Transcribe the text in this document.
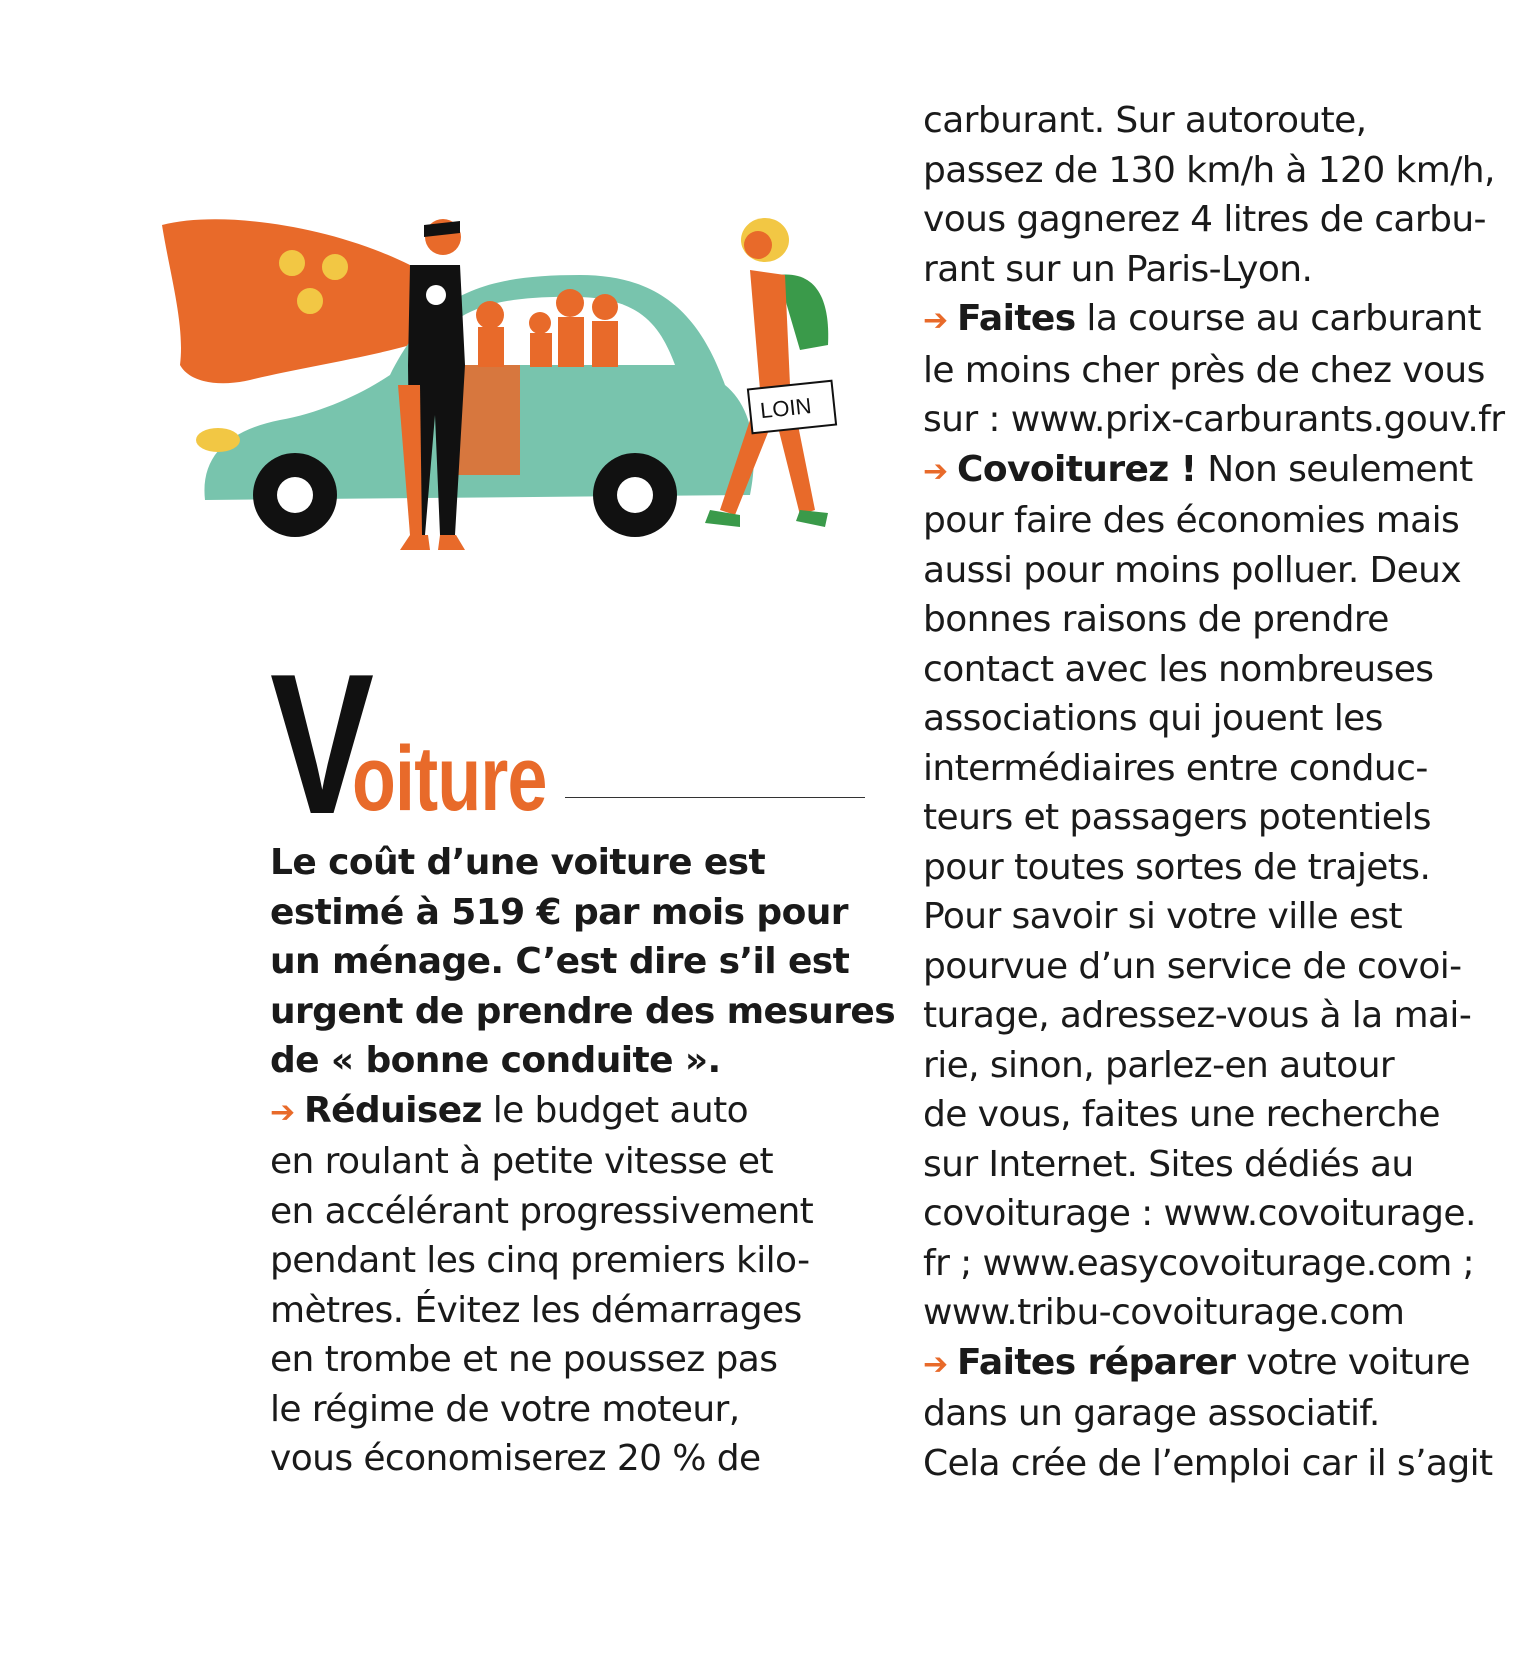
LOIN
V
oiture

Le coût d’une voiture est

estimé à 519 € par mois pour

un ménage. C’est dire s’il est

urgent de prendre des mesures

de « bonne conduite ».

➔ Réduisez le budget auto

en roulant à petite vitesse et

en accélérant progressivement

pendant les cinq premiers kilo-

mètres. Évitez les démarrages

en trombe et ne poussez pas

le régime de votre moteur,

vous économiserez 20 % de

carburant. Sur autoroute,

passez de 130 km/h à 120 km/h,

vous gagnerez 4 litres de carbu-

rant sur un Paris-Lyon.

➔ Faites la course au carburant

le moins cher près de chez vous

sur : www.prix-carburants.gouv.fr

➔ Covoiturez ! Non seulement

pour faire des économies mais

aussi pour moins polluer. Deux

bonnes raisons de prendre

contact avec les nombreuses

associations qui jouent les

intermédiaires entre conduc-

teurs et passagers potentiels

pour toutes sortes de trajets.

Pour savoir si votre ville est

pourvue d’un service de covoi-

turage, adressez-vous à la mai-

rie, sinon, parlez-en autour

de vous, faites une recherche

sur Internet. Sites dédiés au

covoiturage : www.covoiturage.

fr ; www.easycovoiturage.com ;

www.tribu-covoiturage.com

➔ Faites réparer votre voiture

dans un garage associatif.

Cela crée de l’emploi car il s’agit
